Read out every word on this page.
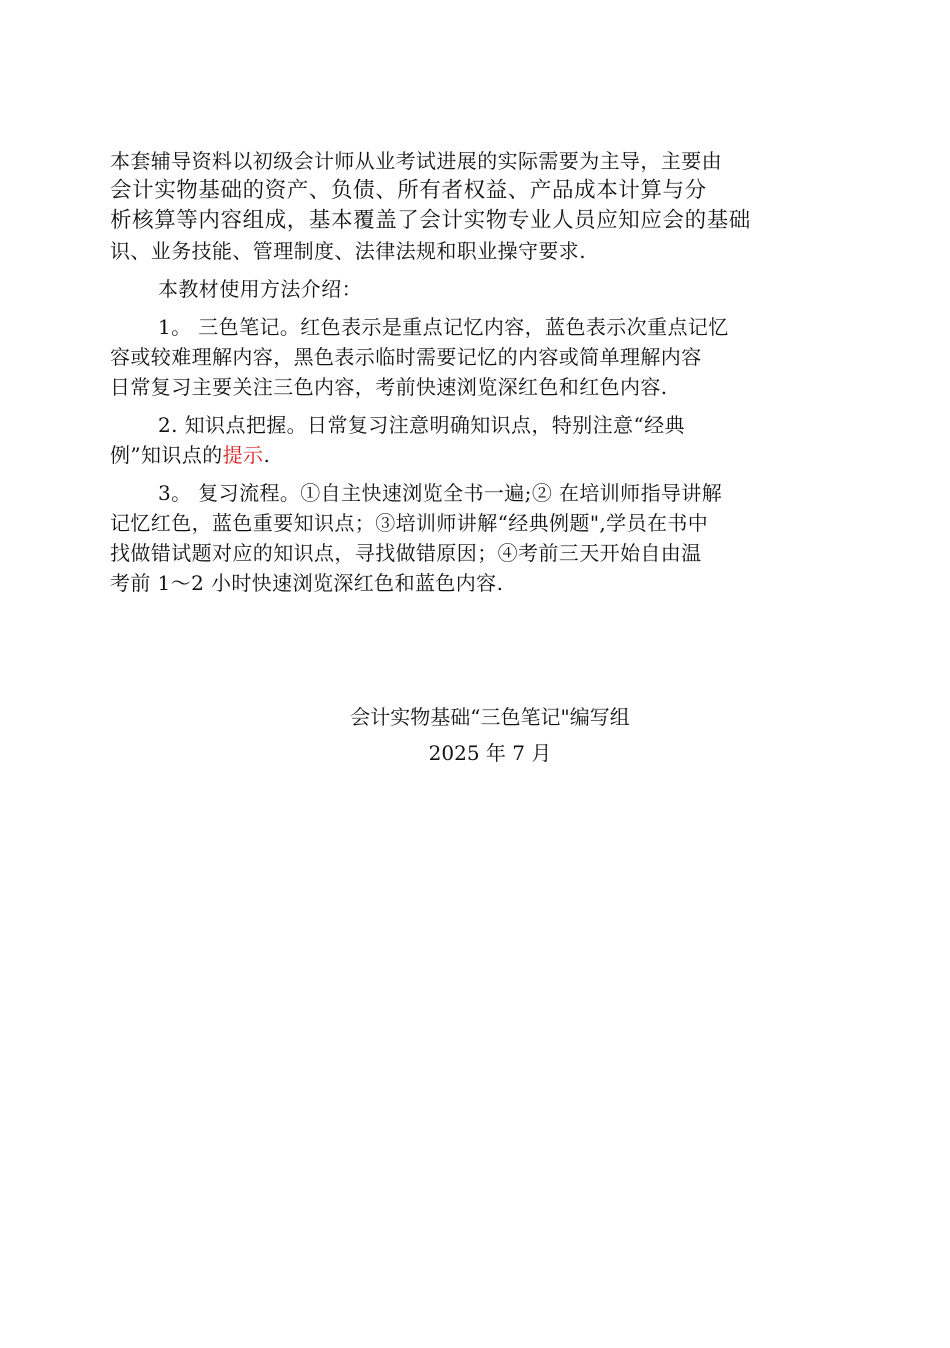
本套辅导资料以初级会计师从业考试进展的实际需要为主导，主要由
会计实物基础的资产、负债、所有者权益、产品成本计算与分
析核算等内容组成，基本覆盖了会计实物专业人员应知应会的基础
识、业务技能、管理制度、法律法规和职业操守要求.
本教材使用方法介绍：
1。 三色笔记。红色表示是重点记忆内容，蓝色表示次重点记忆
容或较难理解内容，黑色表示临时需要记忆的内容或简单理解内容
日常复习主要关注三色内容，考前快速浏览深红色和红色内容.
2. 知识点把握。日常复习注意明确知识点，特别注意“经典
例”知识点的提示.
3。 复习流程。①自主快速浏览全书一遍;② 在培训师指导讲解
记忆红色，蓝色重要知识点；③培训师讲解“经典例题",学员在书中
找做错试题对应的知识点，寻找做错原因；④考前三天开始自由温
考前 1～2 小时快速浏览深红色和蓝色内容.
会计实物基础“三色笔记"编写组
2025 年 7 月
